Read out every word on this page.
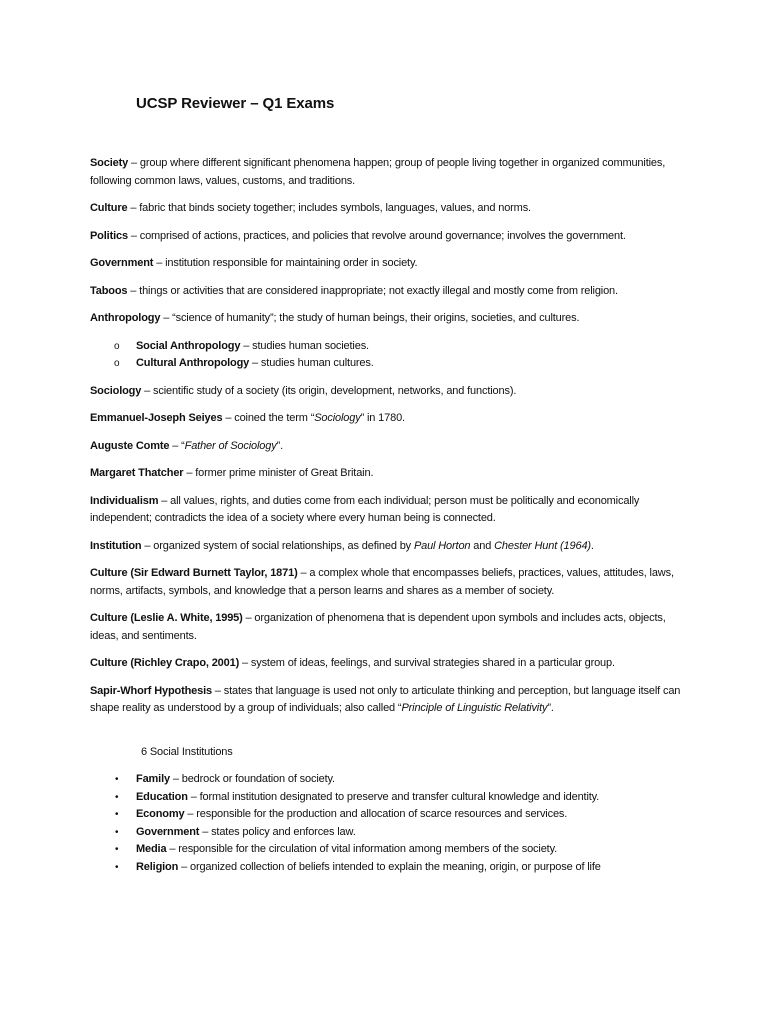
UCSP Reviewer – Q1 Exams

Society – group where different significant phenomena happen; group of people living together in organized communities, following common laws, values, customs, and traditions.

Culture – fabric that binds society together; includes symbols, languages, values, and norms.

Politics – comprised of actions, practices, and policies that revolve around governance; involves the government.

Government – institution responsible for maintaining order in society.

Taboos – things or activities that are considered inappropriate; not exactly illegal and mostly come from religion.

Anthropology – “science of humanity”; the study of human beings, their origins, societies, and cultures.

o Social Anthropology – studies human societies.
o Cultural Anthropology – studies human cultures.

Sociology – scientific study of a society (its origin, development, networks, and functions).

Emmanuel-Joseph Seiyes – coined the term “Sociology” in 1780.

Auguste Comte – “Father of Sociology”.

Margaret Thatcher – former prime minister of Great Britain.

Individualism – all values, rights, and duties come from each individual; person must be politically and economically independent; contradicts the idea of a society where every human being is connected.

Institution – organized system of social relationships, as defined by Paul Horton and Chester Hunt (1964).

Culture (Sir Edward Burnett Taylor, 1871) – a complex whole that encompasses beliefs, practices, values, attitudes, laws, norms, artifacts, symbols, and knowledge that a person learns and shares as a member of society.

Culture (Leslie A. White, 1995) – organization of phenomena that is dependent upon symbols and includes acts, objects, ideas, and sentiments.

Culture (Richley Crapo, 2001) – system of ideas, feelings, and survival strategies shared in a particular group.

Sapir-Whorf Hypothesis – states that language is used not only to articulate thinking and perception, but language itself can shape reality as understood by a group of individuals; also called “Principle of Linguistic Relativity”.

6 Social Institutions

• Family – bedrock or foundation of society.
• Education – formal institution designated to preserve and transfer cultural knowledge and identity.
• Economy – responsible for the production and allocation of scarce resources and services.
• Government – states policy and enforces law.
• Media – responsible for the circulation of vital information among members of the society.
• Religion – organized collection of beliefs intended to explain the meaning, origin, or purpose of life
